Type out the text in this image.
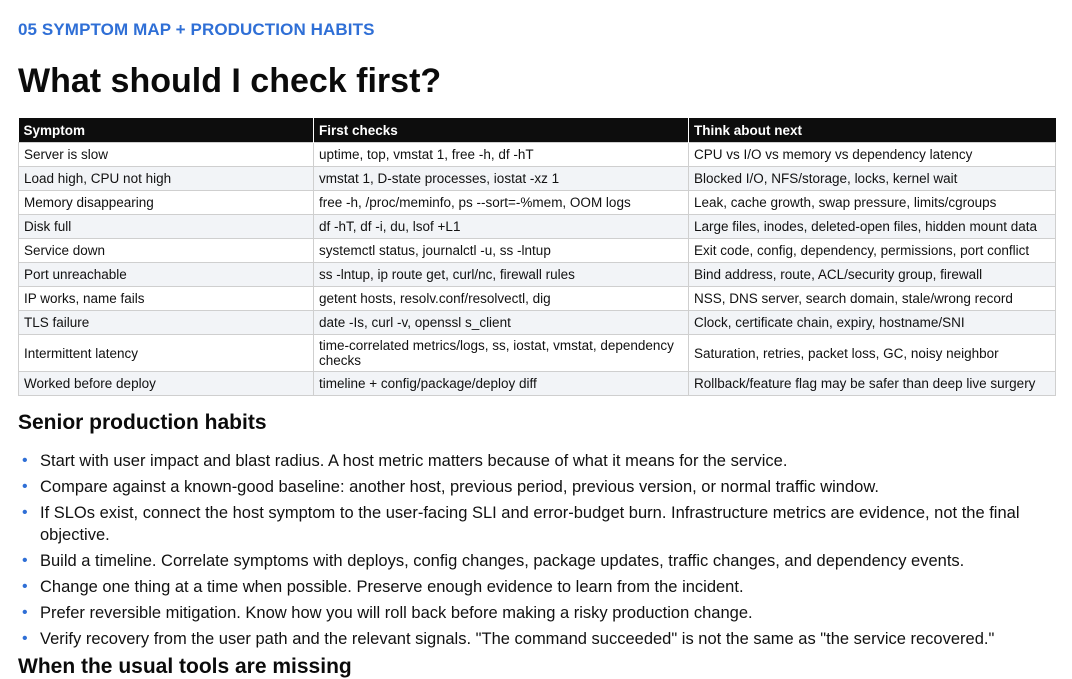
05 SYMPTOM MAP + PRODUCTION HABITS
What should I check first?
Symptom	First checks	Think about next
Server is slow	uptime, top, vmstat 1, free -h, df -hT	CPU vs I/O vs memory vs dependency latency
Load high, CPU not high	vmstat 1, D-state processes, iostat -xz 1	Blocked I/O, NFS/storage, locks, kernel wait
Memory disappearing	free -h, /proc/meminfo, ps --sort=-%mem, OOM logs	Leak, cache growth, swap pressure, limits/cgroups
Disk full	df -hT, df -i, du, lsof +L1	Large files, inodes, deleted-open files, hidden mount data
Service down	systemctl status, journalctl -u, ss -lntup	Exit code, config, dependency, permissions, port conflict
Port unreachable	ss -lntup, ip route get, curl/nc, firewall rules	Bind address, route, ACL/security group, firewall
IP works, name fails	getent hosts, resolv.conf/resolvectl, dig	NSS, DNS server, search domain, stale/wrong record
TLS failure	date -Is, curl -v, openssl s_client	Clock, certificate chain, expiry, hostname/SNI
Intermittent latency	time-correlated metrics/logs, ss, iostat, vmstat, dependency checks	Saturation, retries, packet loss, GC, noisy neighbor
Worked before deploy	timeline + config/package/deploy diff	Rollback/feature flag may be safer than deep live surgery
Senior production habits
• Start with user impact and blast radius. A host metric matters because of what it means for the service.
• Compare against a known-good baseline: another host, previous period, previous version, or normal traffic window.
• If SLOs exist, connect the host symptom to the user-facing SLI and error-budget burn. Infrastructure metrics are evidence, not the final objective.
• Build a timeline. Correlate symptoms with deploys, config changes, package updates, traffic changes, and dependency events.
• Change one thing at a time when possible. Preserve enough evidence to learn from the incident.
• Prefer reversible mitigation. Know how you will roll back before making a risky production change.
• Verify recovery from the user path and the relevant signals. "The command succeeded" is not the same as "the service recovered."
When the usual tools are missing
